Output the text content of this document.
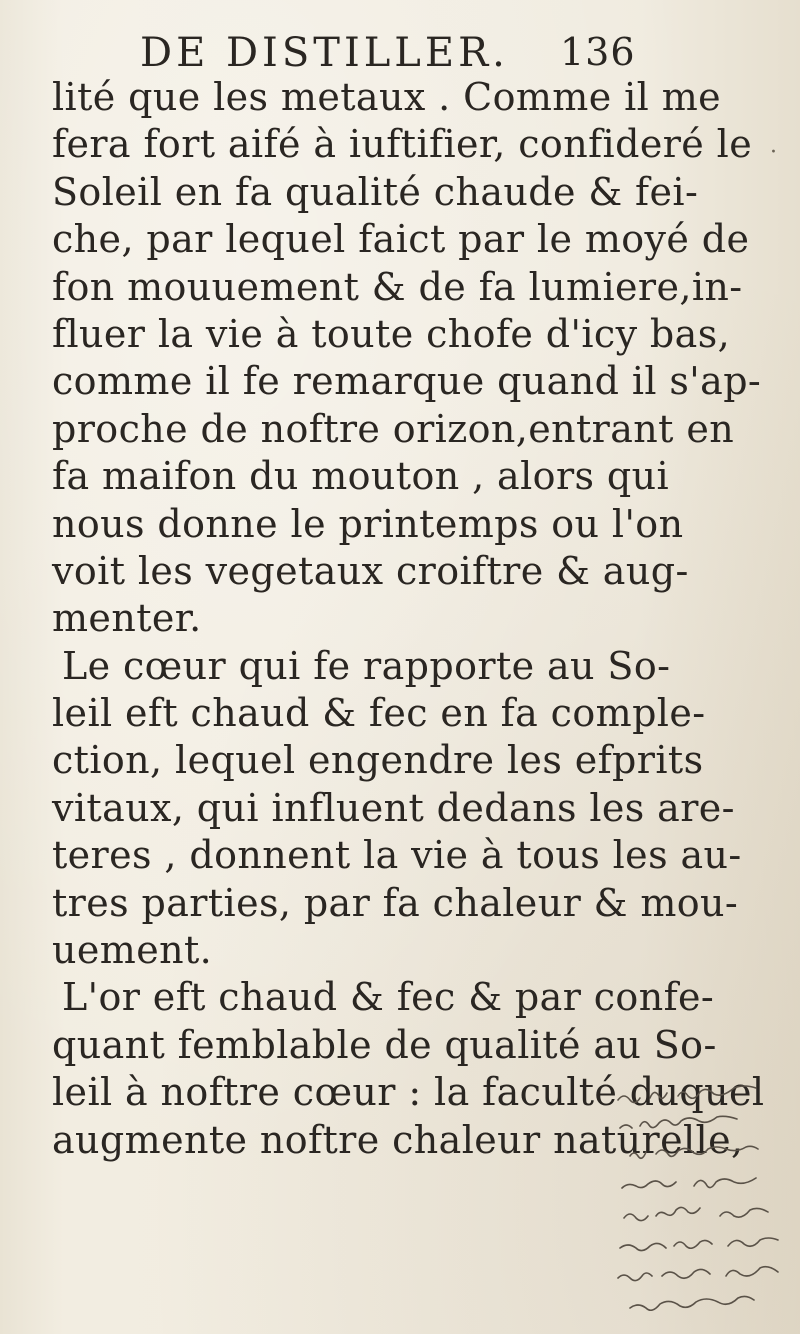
DE DISTILLER. 136
lité que les metaux . Comme il me
fera fort aifé à iuftifier, confideré le
Soleil en fa qualité chaude & fei-
che, par lequel faict par le moyé de
fon mouuement & de fa lumiere,in-
fluer la vie à toute chofe d'icy bas,
comme il fe remarque quand il s'ap-
proche de noftre orizon,entrant en
fa maifon du mouton , alors qui
nous donne le printemps ou l'on
voit les vegetaux croiftre & aug-
menter.
Le cœur qui fe rapporte au So-
leil eft chaud & fec en fa comple-
ction, lequel engendre les efprits
vitaux, qui influent dedans les are-
teres , donnent la vie à tous les au-
tres parties, par fa chaleur & mou-
uement.
L'or eft chaud & fec & par confe-
quant femblable de qualité au So-
leil à noftre cœur : la faculté duquel
augmente noftre chaleur naturelle,
·
